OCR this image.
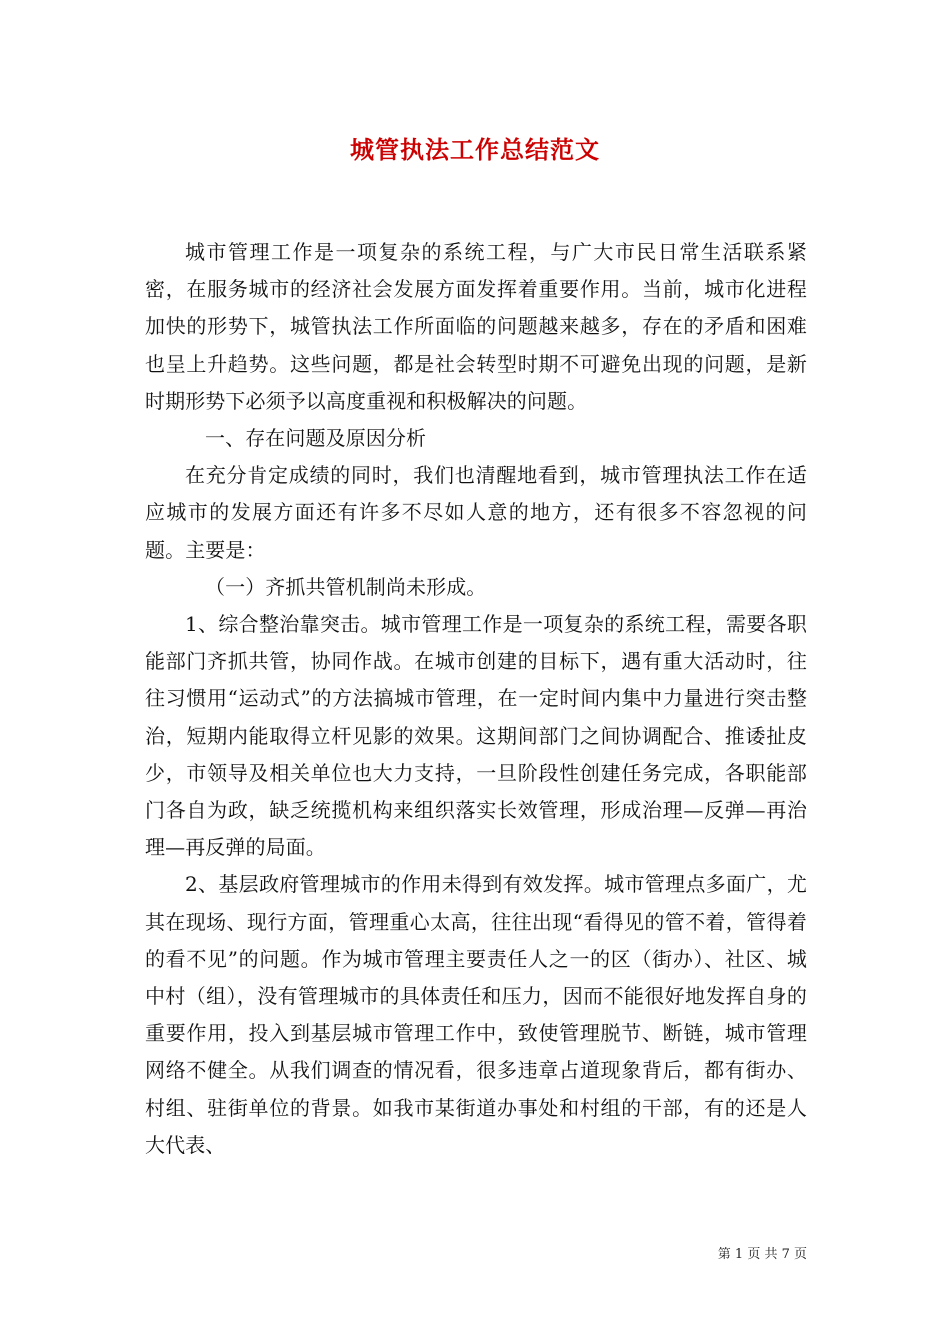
城管执法工作总结范文

城市管理工作是一项复杂的系统工程，与广大市民日常生活联系紧密，在服务城市的经济社会发展方面发挥着重要作用。当前，城市化进程加快的形势下，城管执法工作所面临的问题越来越多，存在的矛盾和困难也呈上升趋势。这些问题，都是社会转型时期不可避免出现的问题，是新时期形势下必须予以高度重视和积极解决的问题。

一、存在问题及原因分析

在充分肯定成绩的同时，我们也清醒地看到，城市管理执法工作在适应城市的发展方面还有许多不尽如人意的地方，还有很多不容忽视的问题。主要是：

（一）齐抓共管机制尚未形成。

1、综合整治靠突击。城市管理工作是一项复杂的系统工程，需要各职能部门齐抓共管，协同作战。在城市创建的目标下，遇有重大活动时，往往习惯用“运动式”的方法搞城市管理，在一定时间内集中力量进行突击整治，短期内能取得立杆见影的效果。这期间部门之间协调配合、推诿扯皮少，市领导及相关单位也大力支持，一旦阶段性创建任务完成，各职能部门各自为政，缺乏统揽机构来组织落实长效管理，形成治理—反弹—再治理—再反弹的局面。

2、基层政府管理城市的作用未得到有效发挥。城市管理点多面广，尤其在现场、现行方面，管理重心太高，往往出现“看得见的管不着，管得着的看不见”的问题。作为城市管理主要责任人之一的区（街办）、社区、城中村（组），没有管理城市的具体责任和压力，因而不能很好地发挥自身的重要作用，投入到基层城市管理工作中，致使管理脱节、断链，城市管理网络不健全。从我们调查的情况看，很多违章占道现象背后，都有街办、村组、驻街单位的背景。如我市某街道办事处和村组的干部，有的还是人大代表、

第 1 页 共 7 页
